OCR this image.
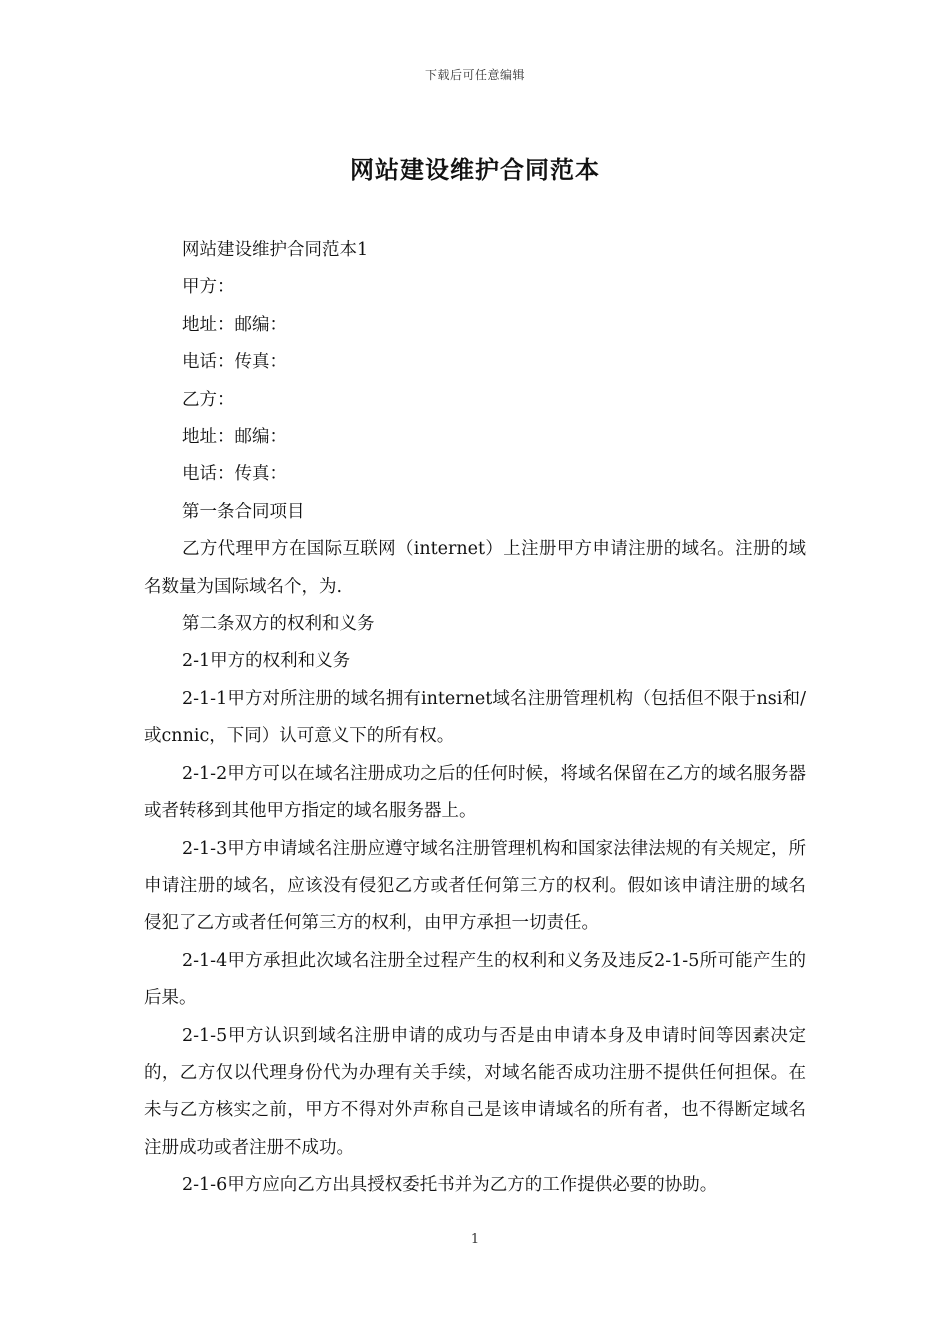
下载后可任意编辑
网站建设维护合同范本

网站建设维护合同范本1

甲方：

地址：邮编：

电话：传真：

乙方：

地址：邮编：

电话：传真：

第一条合同项目

乙方代理甲方在国际互联网（internet）上注册甲方申请注册的域名。注册的域名数量为国际域名个，为.

第二条双方的权利和义务

2-1甲方的权利和义务

2-1-1甲方对所注册的域名拥有internet域名注册管理机构（包括但不限于nsi和/或cnnic，下同）认可意义下的所有权。

2-1-2甲方可以在域名注册成功之后的任何时候，将域名保留在乙方的域名服务器或者转移到其他甲方指定的域名服务器上。

2-1-3甲方申请域名注册应遵守域名注册管理机构和国家法律法规的有关规定，所申请注册的域名，应该没有侵犯乙方或者任何第三方的权利。假如该申请注册的域名侵犯了乙方或者任何第三方的权利，由甲方承担一切责任。

2-1-4甲方承担此次域名注册全过程产生的权利和义务及违反2-1-5所可能产生的后果。

2-1-5甲方认识到域名注册申请的成功与否是由申请本身及申请时间等因素决定的，乙方仅以代理身份代为办理有关手续，对域名能否成功注册不提供任何担保。在未与乙方核实之前，甲方不得对外声称自己是该申请域名的所有者，也不得断定域名注册成功或者注册不成功。

2-1-6甲方应向乙方出具授权委托书并为乙方的工作提供必要的协助。

1
